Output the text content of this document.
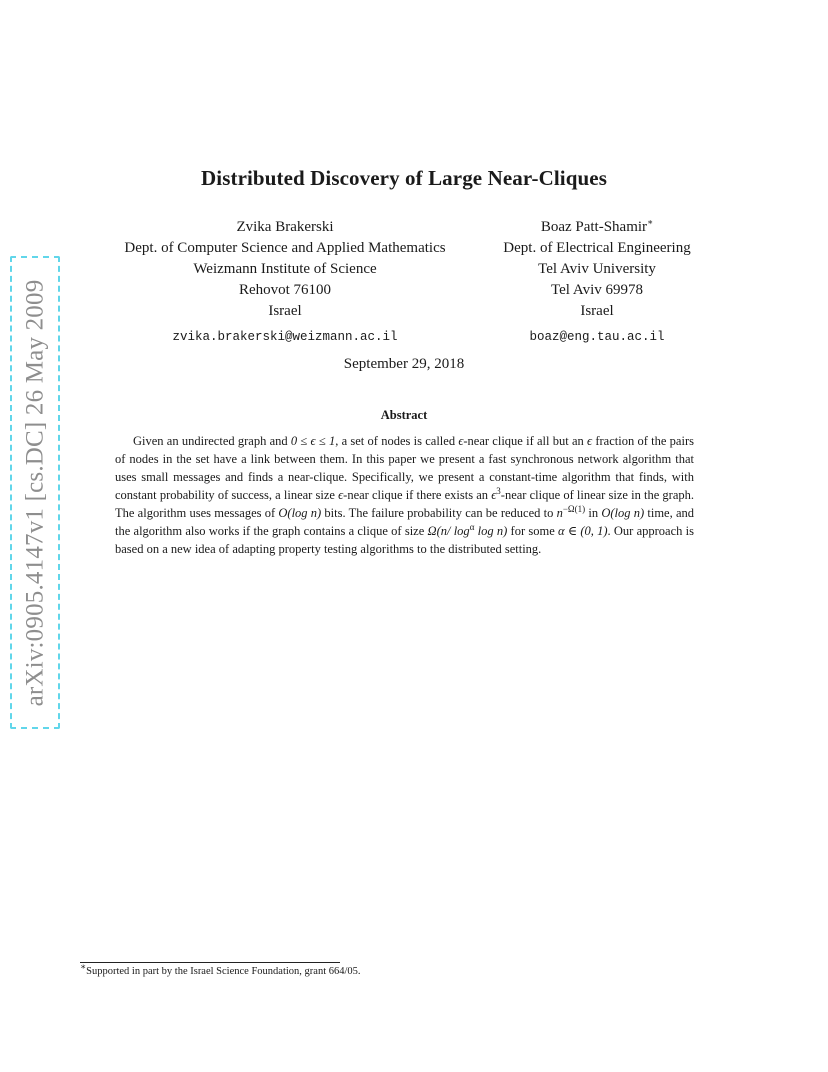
arXiv:0905.4147v1 [cs.DC] 26 May 2009
Distributed Discovery of Large Near-Cliques
Zvika Brakerski
Dept. of Computer Science and Applied Mathematics
Weizmann Institute of Science
Rehovot 76100
Israel
zvika.brakerski@weizmann.ac.il
Boaz Patt-Shamir∗
Dept. of Electrical Engineering
Tel Aviv University
Tel Aviv 69978
Israel
boaz@eng.tau.ac.il
September 29, 2018
Abstract
Given an undirected graph and 0 ≤ ϵ ≤ 1, a set of nodes is called ϵ-near clique if all but an ϵ fraction of the pairs of nodes in the set have a link between them. In this paper we present a fast synchronous network algorithm that uses small messages and finds a near-clique. Specifically, we present a constant-time algorithm that finds, with constant probability of success, a linear size ϵ-near clique if there exists an $\epsilon^3$-near clique of linear size in the graph. The algorithm uses messages of O(log n) bits. The failure probability can be reduced to $n^{-\Omega(1)}$ in O(log n) time, and the algorithm also works if the graph contains a clique of size Ω(n/ $\log^\alpha \log n$) for some α ∈ (0, 1). Our approach is based on a new idea of adapting property testing algorithms to the distributed setting.
∗Supported in part by the Israel Science Foundation, grant 664/05.
